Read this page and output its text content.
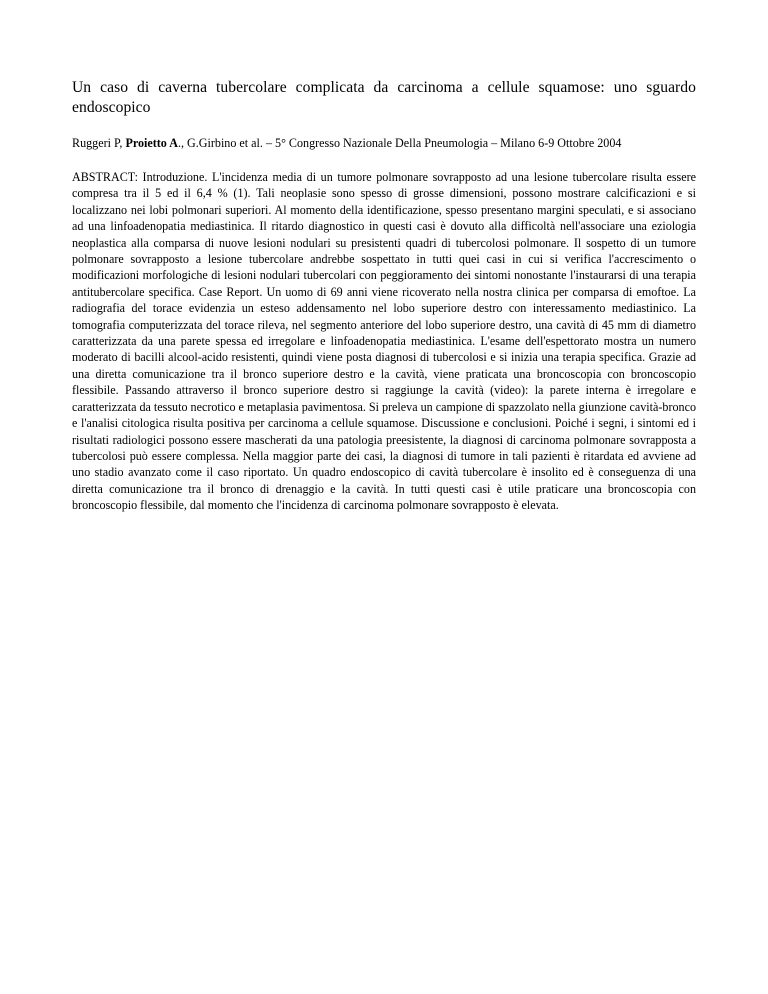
Un caso di caverna tubercolare complicata da carcinoma a cellule squamose: uno sguardo endoscopico

Ruggeri P, Proietto A., G.Girbino et al. – 5° Congresso Nazionale Della Pneumologia – Milano 6-9 Ottobre 2004
ABSTRACT: Introduzione. L'incidenza media di un tumore polmonare sovrapposto ad una lesione tubercolare risulta essere compresa tra il 5 ed il 6,4 % (1). Tali neoplasie sono spesso di grosse dimensioni, possono mostrare calcificazioni e si localizzano nei lobi polmonari superiori. Al momento della identificazione, spesso presentano margini speculati, e si associano ad una linfoadenopatia mediastinica. Il ritardo diagnostico in questi casi è dovuto alla difficoltà nell'associare una eziologia neoplastica alla comparsa di nuove lesioni nodulari su presistenti quadri di tubercolosi polmonare. Il sospetto di un tumore polmonare sovrapposto a lesione tubercolare andrebbe sospettato in tutti quei casi in cui si verifica l'accrescimento o modificazioni morfologiche di lesioni nodulari tubercolari con peggioramento dei sintomi nonostante l'instaurarsi di una terapia antitubercolare specifica. Case Report. Un uomo di 69 anni viene ricoverato nella nostra clinica per comparsa di emoftoe. La radiografia del torace evidenzia un esteso addensamento nel lobo superiore destro con interessamento mediastinico. La tomografia computerizzata del torace rileva, nel segmento anteriore del lobo superiore destro, una cavità di 45 mm di diametro caratterizzata da una parete spessa ed irregolare e linfoadenopatia mediastinica. L'esame dell'espettorato mostra un numero moderato di bacilli alcool-acido resistenti, quindi viene posta diagnosi di tubercolosi e si inizia una terapia specifica. Grazie ad una diretta comunicazione tra il bronco superiore destro e la cavità, viene praticata una broncoscopia con broncoscopio flessibile. Passando attraverso il bronco superiore destro si raggiunge la cavità (video): la parete interna è irregolare e caratterizzata da tessuto necrotico e metaplasia pavimentosa. Si preleva un campione di spazzolato nella giunzione cavità-bronco e l'analisi citologica risulta positiva per carcinoma a cellule squamose. Discussione e conclusioni. Poiché i segni, i sintomi ed i risultati radiologici possono essere mascherati da una patologia preesistente, la diagnosi di carcinoma polmonare sovrapposta a tubercolosi può essere complessa. Nella maggior parte dei casi, la diagnosi di tumore in tali pazienti è ritardata ed avviene ad uno stadio avanzato come il caso riportato. Un quadro endoscopico di cavità tubercolare è insolito ed è conseguenza di una diretta comunicazione tra il bronco di drenaggio e la cavità. In tutti questi casi è utile praticare una broncoscopia con broncoscopio flessibile, dal momento che l'incidenza di carcinoma polmonare sovrapposto è elevata.
